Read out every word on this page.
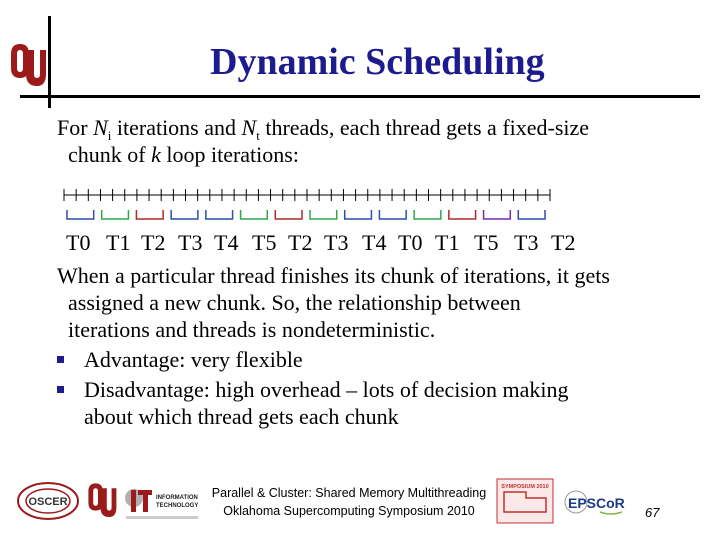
Dynamic Scheduling
For $N_i$ iterations and $N_t$ threads, each thread gets a fixed-size
chunk of k loop iterations:
T0 T1 T2 T3 T4 T5 T2 T3 T4 T0 T1 T5 T3 T2
When a particular thread finishes its chunk of iterations, it gets
assigned a new chunk. So, the relationship between
iterations and threads is nondeterministic.
Advantage: very flexible
Disadvantage: high overhead – lots of decision making
about which thread gets each chunk
OSCER	INFORMATION
TECHNOLOGY
Parallel & Cluster: Shared Memory Multithreading
Oklahoma Supercomputing Symposium 2010
SYMPOSIUM 2010
EPSCoR
67
